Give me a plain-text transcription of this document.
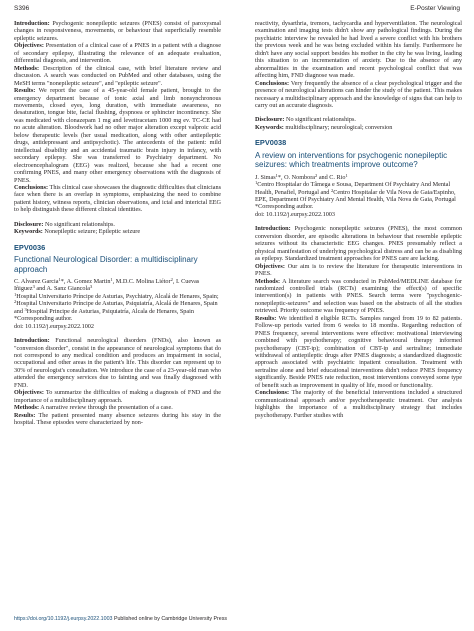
S396	E-Poster Viewing

Introduction: Psychogenic nonepileptic seizures (PNES) consist of paroxysmal changes in responsiveness, movements, or behaviour that superficially resemble epileptic seizures.

Objectives: Presentation of a clinical case of a PNES in a patient with a diagnose of secondary epilepsy, illustrating the relevance of an adequate evaluation, differential diagnosis, and intervention.

Methods: Description of the clinical case, with brief literature review and discussion. A search was conducted on PubMed and other databases, using the MeSH terms "nonepileptic seizure", and "epileptic seizure".

Results: We report the case of a 45-year-old female patient, brought to the emergency department because of tonic axial and limb nonsynchronous movements, closed eyes, long duration, with immediate awareness, no desaturation, tongue bite, facial flushing, dyspnoea or sphincter incontinency. She was medicated with clonazepam 1 mg and levetiracetam 1000 mg ev. TC-CE had no acute alteration. Bloodwork had no other major alteration except valproic acid below therapeutic levels (her usual medication, along with other antiepileptic drugs, antidepressant and antipsychotic). The antecedents of the patient: mild intellectual disability and an accidental traumatic brain injury in infancy, with secondary epilepsy. She was transferred to Psychiatry department. No electroencephalogram (EEG) was realized, because she had a recent one confirming PNES, and many other emergency observations with the diagnosis of PNES.

Conclusions: This clinical case showcases the diagnostic difficulties that clinicians face when there is an overlap in symptoms, emphasizing the need to combine patient history, witness reports, clinician observations, and ictal and interictal EEG to help distinguish these different clinical identities.

Disclosure: No significant relationships.

Keywords: Nonepileptic seizure; Epileptic seizure

EPV0036
Functional Neurological Disorder: a multidisciplinary approach

C. Alvarez Garcia$^1$*, A. Gomez Martin$^1$, M.D.C. Molina Liétor$^2$, I. Cuevas Iñiguez$^3$ and A. Sanz Giancola$^3$

$^1$Hospital Universitario Príncipe de Asturias, Psychiatry, Alcalá de Henares, Spain; $^2$Hospital Universitario Príncipe de Asturias, Psiquiatría, Alcalá de Henares, Spain and $^3$Hospital Principe de Asturias, Psiquiatría, Alcala de Henares, Spain

*Corresponding author.

doi: 10.1192/j.eurpsy.2022.1002

Introduction: Functional neurological disorders (FNDs), also known as "conversion disorder", consist in the appearance of neurological symptoms that do not correspond to any medical condition and produces an impairment in social, occupational and other areas in the patient's life. This disorder can represent up to 30% of neurologist's consultation. We introduce the case of a 23-year-old man who attended the emergency services due to fainting and was finally diagnosed with FND.

Objectives: To summarize the difficulties of making a diagnosis of FND and the importance of a multidisciplinary approach.

Methods: A narrative review through the presentation of a case.

Results: The patient presented many absence seizures during his stay in the hospital. These episodes were characterized by non-

reactivity, dysarthria, tremors, tachycardia and hyperventilation. The neurological examination and imaging tests didn't show any pathological findings. During the psychiatric interview he revealed he had lived a severe conflict with his brothers the previous week and he was being excluded within his family. Furthermore he didn't have any social support besides his mother in the city he was living, leading this situation to an incrementation of anxiety. Due to the absence of any abnormalities in the examination and recent psychological conflict that was affecting him, FND diagnose was made.

Conclusions: Very frequently the absence of a clear psychological trigger and the presence of neurological alterations can hinder the study of the patient. This makes necessary a multidisciplinary approach and the knowledge of signs that can help to carry out an accurate diagnosis.

Disclosure: No significant relationships.

Keywords: multidisciplinary; neurological; conversion

EPV0038
A review on interventions for psychogenic nonepileptic seizures: which treatments improve outcome?

J. Simas$^1$*, O. Nombora$^2$ and C. Rio$^1$

$^1$Centro Hospitalar do Tâmega e Sousa, Department Of Psychiatry And Mental Health, Penafiel, Portugal and $^2$Centro Hospitalar de Vila Nova de Gaia/Espinho, EPE, Department Of Psychiatry And Mental Health, Vila Nova de Gaia, Portugal

*Corresponding author.

doi: 10.1192/j.eurpsy.2022.1003

Introduction: Psychogenic nonepileptic seizures (PNES), the most common conversion disorder, are episodic alterations in behaviour that resemble epileptic seizures without its characteristic EEG changes. PNES presumably reflect a physical manifestation of underlying psychological distress and can be as disabling as epilepsy. Standardized treatment approaches for PNES care are lacking.

Objectives: Our aim is to review the literature for therapeutic interventions in PNES.

Methods: A literature search was conducted in PubMed/MEDLINE database for randomized controlled trials (RCTs) examining the effect(s) of specific intervention(s) in patients with PNES. Search terms were "psychogenic-nonepileptic-seizures" and selection was based on the abstracts of all the studies retrieved. Priority outcome was frequency of PNES.

Results: We identified 8 eligible RCTs. Samples ranged from 19 to 82 patients. Follow-up periods varied from 6 weeks to 18 months. Regarding reduction of PNES frequency, several interventions were effective: motivational interviewing combined with psychotherapy; cognitive behavioural therapy informed psychotherapy (CBT-ip); combination of CBT-ip and sertraline; immediate withdrawal of antiepileptic drugs after PNES diagnosis; a standardized diagnostic approach associated with psychiatric inpatient consultation. Treatment with sertraline alone and brief educational interventions didn't reduce PNES frequency significantly. Beside PNES rate reduction, most interventions conveyed some type of benefit such as improvement in quality of life, mood or functionality.

Conclusions: The majority of the beneficial interventions included a structured communicational approach and/or psychotherapeutic treatment. Our analysis highlights the importance of a multidisciplinary strategy that includes psychotherapy. Further studies with

https://doi.org/10.1192/j.eurpsy.2022.1003 Published online by Cambridge University Press
